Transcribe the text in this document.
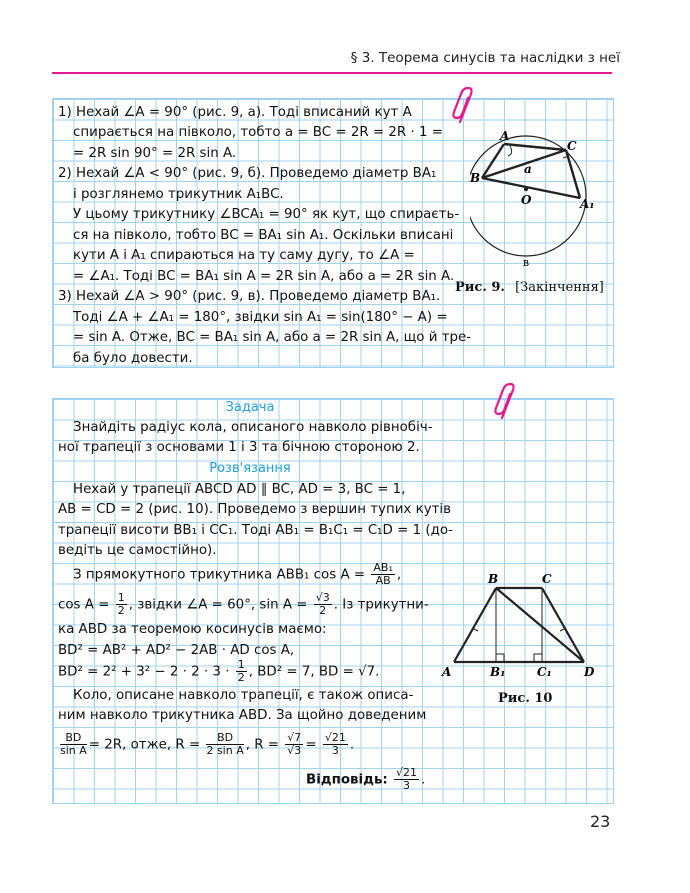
§ 3. Теорема синусів та наслідки з неї
1) Нехай ∠A = 90° (рис. 9, а). Тоді вписаний кут A
спирається на півколо, тобто a = BC = 2R = 2R · 1 =
= 2R sin 90° = 2R sin A.
2) Нехай ∠A < 90° (рис. 9, б). Проведемо діаметр BA₁
і розглянемо трикутник A₁BC.
У цьому трикутнику ∠BCA₁ = 90° як кут, що спираєть-
ся на півколо, тобто BC = BA₁ sin A₁. Оскільки вписані
кути A і A₁ спираються на ту саму дугу, то ∠A =
= ∠A₁. Тоді BC = BA₁ sin A = 2R sin A, або a = 2R sin A.
3) Нехай ∠A > 90° (рис. 9, в). Проведемо діаметр BA₁.
Тоді ∠A + ∠A₁ = 180°, звідки sin A₁ = sin(180° − A) =
= sin A. Отже, BC = BA₁ sin A, або a = 2R sin A, що й тре-
ба було довести.
A
C
B
a
O	A₁
в
Рис. 9. [Закінчення]
Задача
Знайдіть радіус кола, описаного навколо рівнобіч-
ної трапеції з основами 1 і 3 та бічною стороною 2.
Розв'язання
Нехай у трапеції ABCD AD ∥ BC, AD = 3, BC = 1,
AB = CD = 2 (рис. 10). Проведемо з вершин тупих кутів
трапеції висоти BB₁ і CC₁. Тоді AB₁ = B₁C₁ = C₁D = 1 (до-
ведіть це самостійно).
З прямокутного трикутника ABB₁ $\cos A = \frac{\text{AB₁}}{AB}$ ,
$\cos A = \frac{1}{2}$ , звідки ∠A = 60°, $\sin A = \frac{√3}{2}$ . Із трикутни-
ка ABD за теоремою косинусів маємо:
BD² = AB² + AD² − 2AB · AD cos A,
$BD^2 = 2^2 + 3^2 - 2 \cdot 2 \cdot 3 \cdot \frac{1}{2}$ , BD² = 7, BD = √7.
Коло, описане навколо трапеції, є також описа-
ним навколо трикутника ABD. За щойно доведеним
$\frac{BD}{\text{sin A}} = 2R$, отже, $R = \frac{BD}{\text{2 sin A}}$ , $R = \frac{√7}{√3} = \frac{√21}{3}$ .
Відповідь: $\frac{√21}{3}$ .
A
B	C
D
B₁	C₁
Рис. 10
23
